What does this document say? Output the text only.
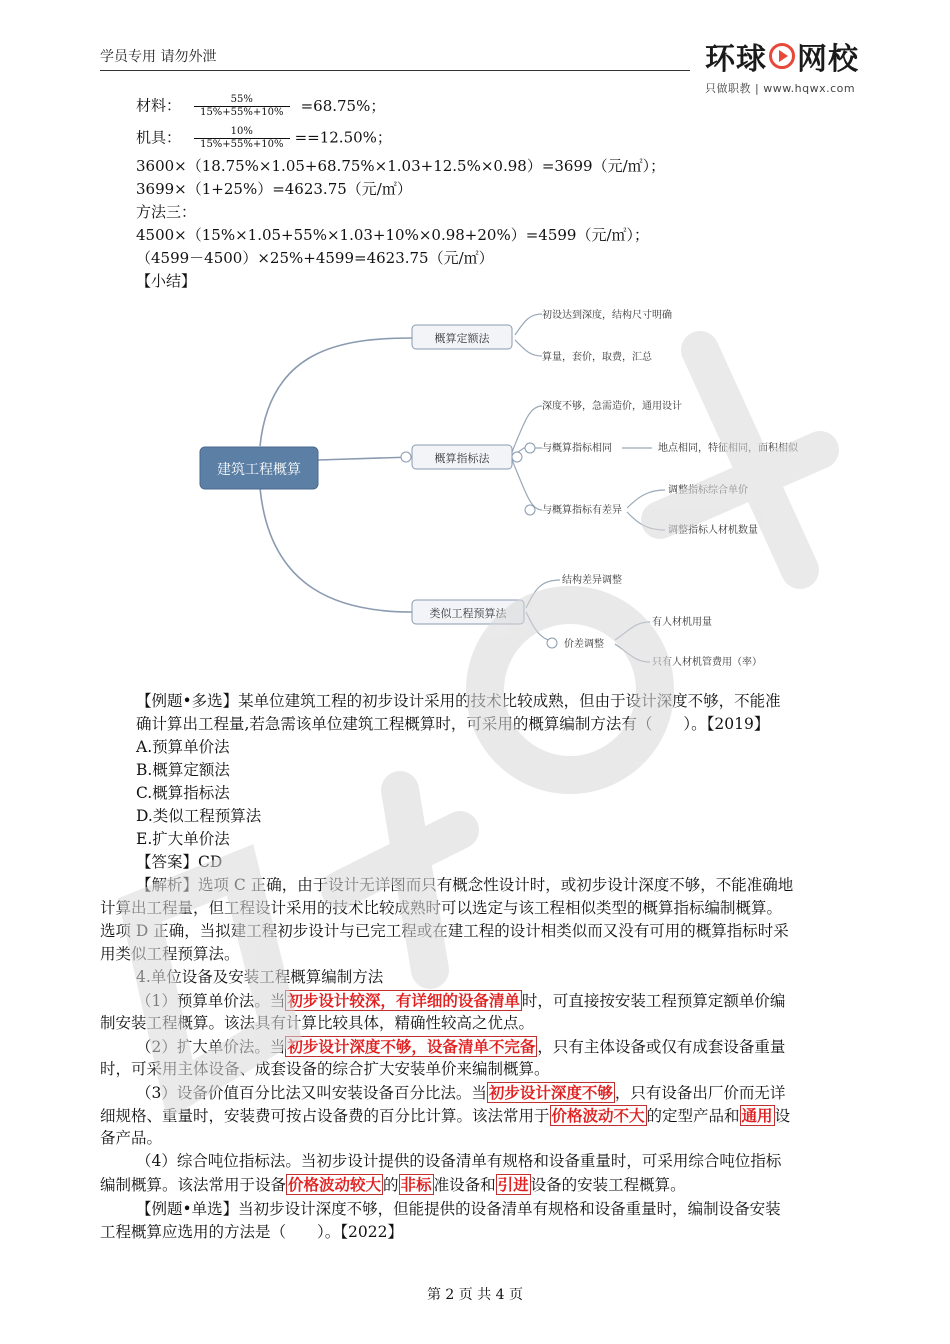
学员专用 请勿外泄	环球 网校
只做职教 | www.hqwx.com
材料： $\frac{55\%}{15\%+55\%+10\%} =68.75\%$；
机具： $\frac{10\%}{15\%+55\%+10\%} ==12.50\%$；
3600×（18.75%×1.05+68.75%×1.03+12.5%×0.98）=3699（元/㎡）；
3699×（1+25%）=4623.75（元/㎡）
方法三：
4500×（15%×1.05+55%×1.03+10%×0.98+20%）=4599（元/㎡）；
（4599－4500）×25%+4599=4623.75（元/㎡）
【小结】
建筑工程概算
概算定额法
概算指标法
类似工程预算法
初设达到深度，结构尺寸明确
算量，套价，取费，汇总
深度不够，急需造价，通用设计
与概算指标相同	地点相同，特征相同，面积相似
与概算指标有差异
调整指标综合单价
调整指标人材机数量
结构差异调整
价差调整
有人材机用量
只有人材机管费用（率）
【例题•多选】某单位建筑工程的初步设计采用的技术比较成熟，但由于设计深度不够，不能准
确计算出工程量,若急需该单位建筑工程概算时，可采用的概算编制方法有（　　）。【2019】
A.预算单价法
B.概算定额法
C.概算指标法
D.类似工程预算法
E.扩大单价法
【答案】CD
【解析】选项 C 正确，由于设计无详图而只有概念性设计时，或初步设计深度不够，不能准确地
计算出工程量，但工程设计采用的技术比较成熟时可以选定与该工程相似类型的概算指标编制概算。
选项 D 正确，当拟建工程初步设计与已完工程或在建工程的设计相类似而又没有可用的概算指标时采
用类似工程预算法。
4.单位设备及安装工程概算编制方法
（1）预算单价法。当 初步设计较深，有详细的设备清单 时，可直接按安装工程预算定额单价编
制安装工程概算。该法具有计算比较具体，精确性较高之优点。
（2）扩大单价法。当 初步设计深度不够，设备清单不完备 ，只有主体设备或仅有成套设备重量
时，可采用主体设备、成套设备的综合扩大安装单价来编制概算。
（3）设备价值百分比法又叫安装设备百分比法。当 初步设计深度不够 ，只有设备出厂价而无详
细规格、重量时，安装费可按占设备费的百分比计算。该法常用于 价格波动不大 的定型产品和 通用 设
备产品。
（4）综合吨位指标法。当初步设计提供的设备清单有规格和设备重量时，可采用综合吨位指标
编制概算。该法常用于设备 价格波动较大 的 非标 准设备和 引进 设备的安装工程概算。
【例题•单选】当初步设计深度不够，但能提供的设备清单有规格和设备重量时，编制设备安装
工程概算应选用的方法是（　　）。【2022】
第 2 页 共 4 页
